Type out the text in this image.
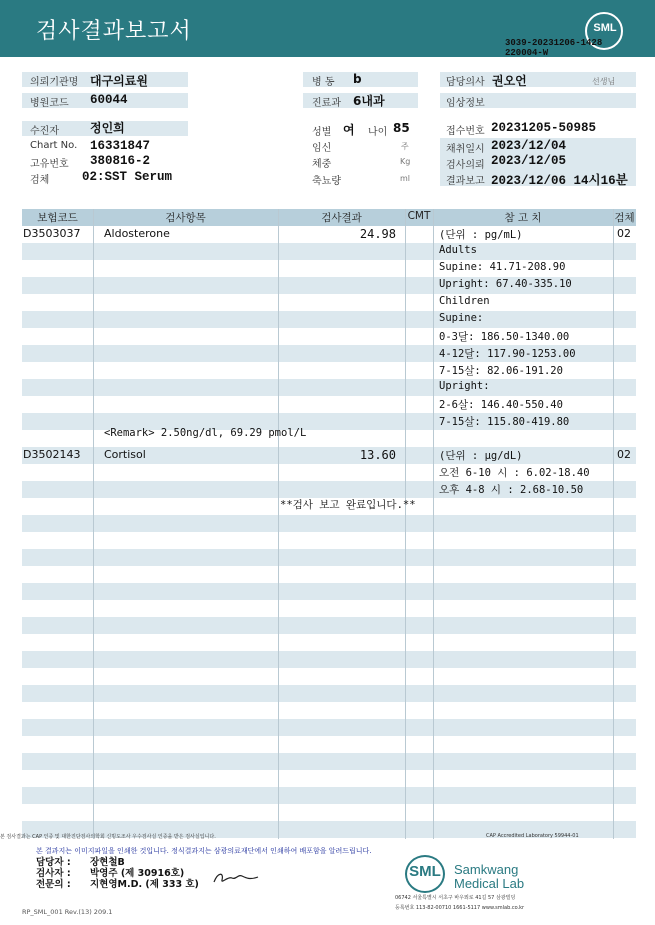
검사결과보고서	SML
3039-20231206-1428
220004-W
의뢰기관명 대구의료원
병원코드 60044
병 동 b
진료과 6내과
담당의사 권오언	선생님
임상정보
수진자	정인희
Chart No. 16331847
고유번호 380816-2
검체	02:SST Serum
성별 여 나이 85
임신	주
체중	Kg
축뇨량	ml
접수번호 20231205-50985
채취일시 2023/12/04
검사의뢰 2023/12/05
결과보고 2023/12/06 14시16분
보험코드	검사항목	검사결과	CMT	참 고 치	검체
D3503037 Aldosterone	24.98	(단위 : pg/mL)	02
Adults
Supine: 41.71-208.90
Upright: 67.40-335.10
Children
Supine:
0-3달: 186.50-1340.00
4-12달: 117.90-1253.00
7-15살: 82.06-191.20
Upright:
2-6살: 146.40-550.40
7-15살: 115.80-419.80
<Remark> 2.50ng/dl, 69.29 pmol/L
D3502143 Cortisol	13.60	(단위 : μg/dL)	02
오전 6-10 시 : 6.02-18.40
오후 4-8 시 : 2.68-10.50
**검사 보고 완료입니다.**
본 검사결과는 CAP 인증 및 대한진단검사의학회 신빙도조사 우수검사실 인증을 받은 검사실입니다.	CAP Accredited Laboratory 59944-01
본 결과지는 이미지파일을 인쇄한 것입니다. 정식결과지는 삼광의료재단에서 인쇄하여 배포함을 알려드립니다.
담당자 : 장현철B
검사자 : 박영주 (제 30916호)
전문의 : 지현영M.D. (제 333 호)
RP_SML_001 Rev.(13) 209.1
SML	Samkwang
Medical Lab
06742 서울특별시 서초구 바우뫼로 41길 57 삼광빌딩
등록번호 113-82-00710 1661-5117 www.smlab.co.kr
